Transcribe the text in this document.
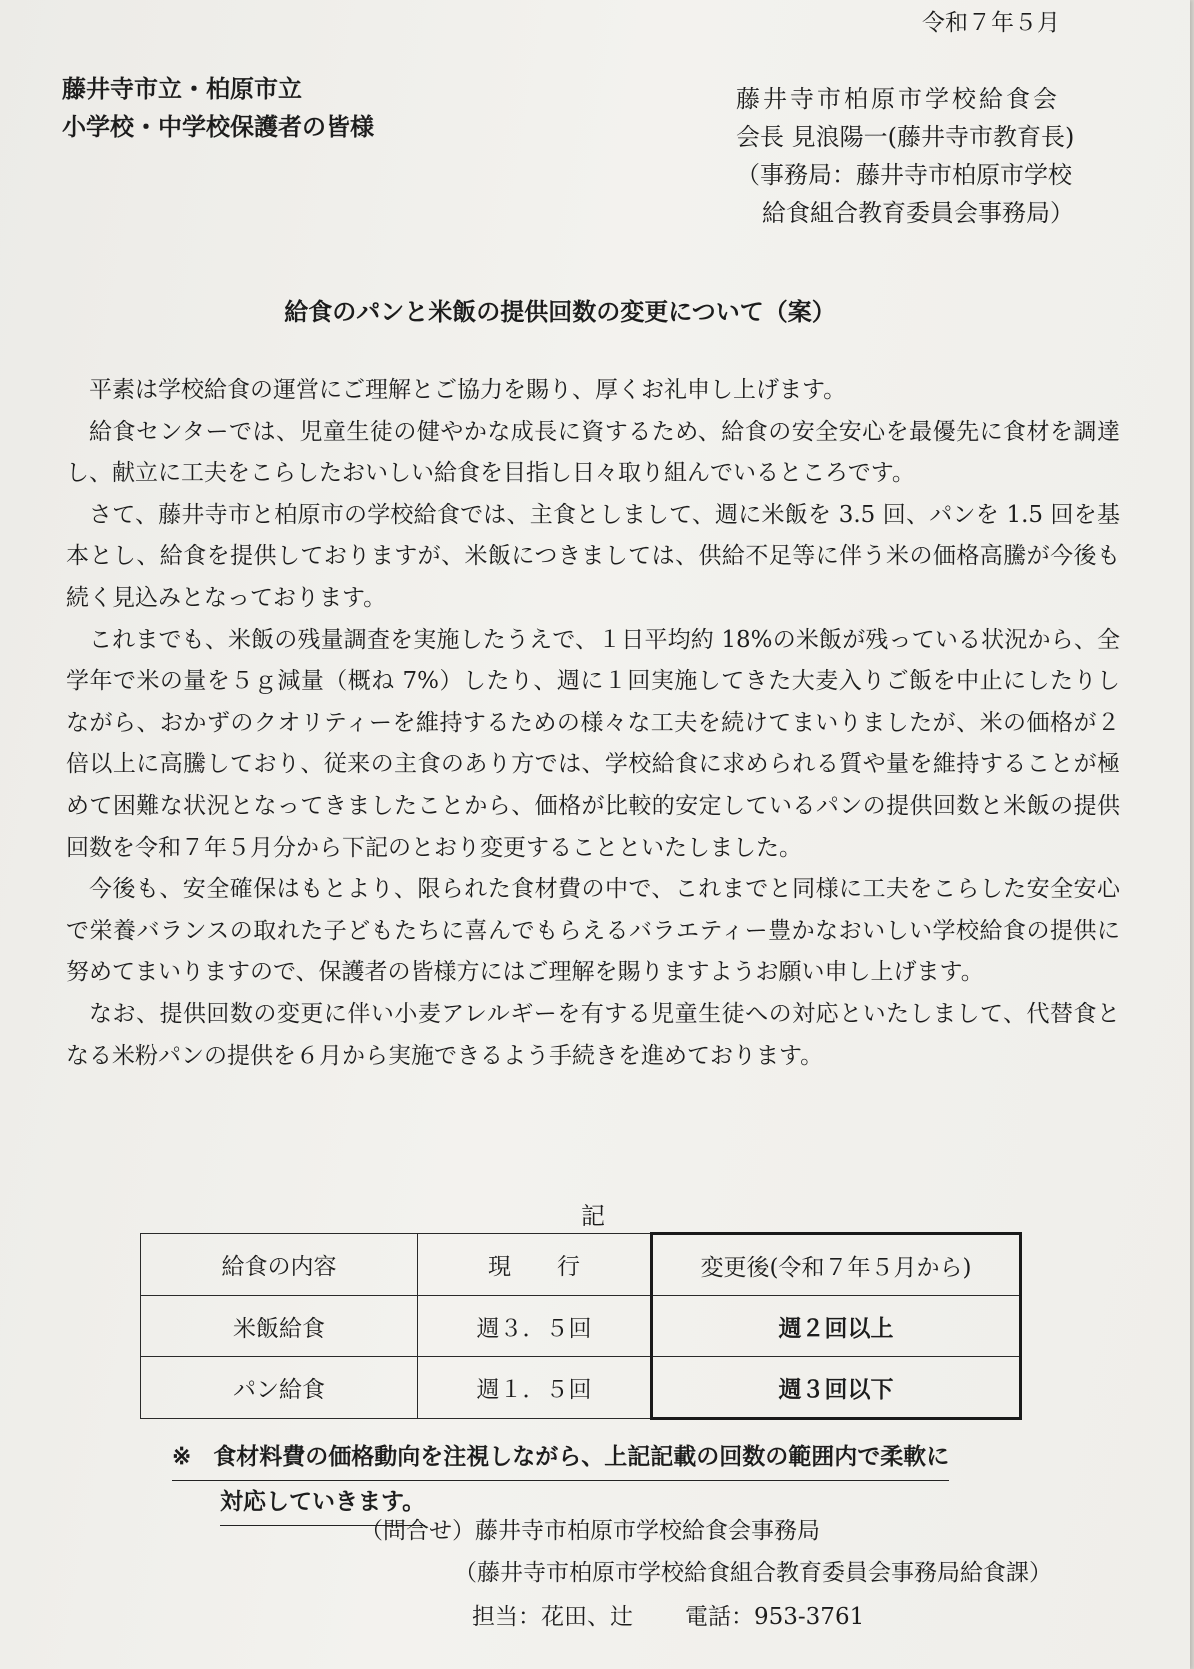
令和７年５月
藤井寺市立・柏原市立
小学校・中学校保護者の皆様
藤井寺市柏原市学校給食会
会長 見浪陽一(藤井寺市教育長)
（事務局：藤井寺市柏原市学校
給食組合教育委員会事務局）
給食のパンと米飯の提供回数の変更について（案）

平素は学校給食の運営にご理解とご協力を賜り、厚くお礼申し上げます。

給食センターでは、児童生徒の健やかな成長に資するため、給食の安全安心を最優先に食材を調達し、献立に工夫をこらしたおいしい給食を目指し日々取り組んでいるところです。

さて、藤井寺市と柏原市の学校給食では、主食としまして、週に米飯を 3.5 回、パンを 1.5 回を基本とし、給食を提供しておりますが、米飯につきましては、供給不足等に伴う米の価格高騰が今後も続く見込みとなっております。

これまでも、米飯の残量調査を実施したうえで、１日平均約 18%の米飯が残っている状況から、全学年で米の量を５ｇ減量（概ね 7%）したり、週に１回実施してきた大麦入りご飯を中止にしたりしながら、おかずのクオリティーを維持するための様々な工夫を続けてまいりましたが、米の価格が２倍以上に高騰しており、従来の主食のあり方では、学校給食に求められる質や量を維持することが極めて困難な状況となってきましたことから、価格が比較的安定しているパンの提供回数と米飯の提供回数を令和７年５月分から下記のとおり変更することといたしました。

今後も、安全確保はもとより、限られた食材費の中で、これまでと同様に工夫をこらした安全安心で栄養バランスの取れた子どもたちに喜んでもらえるバラエティー豊かなおいしい学校給食の提供に努めてまいりますので、保護者の皆様方にはご理解を賜りますようお願い申し上げます。

なお、提供回数の変更に伴い小麦アレルギーを有する児童生徒への対応といたしまして、代替食となる米粉パンの提供を６月から実施できるよう手続きを進めております。

記
給食の内容	現　　行	変更後(令和７年５月から)
米飯給食	週３．５回	週２回以上
パン給食	週１．５回	週３回以下
※ 食材料費の価格動向を注視しながら、上記記載の回数の範囲内で柔軟に
対応していきます。
（問合せ）藤井寺市柏原市学校給食会事務局
（藤井寺市柏原市学校給食組合教育委員会事務局給食課）
担当：花田、辻 電話：953-3761
